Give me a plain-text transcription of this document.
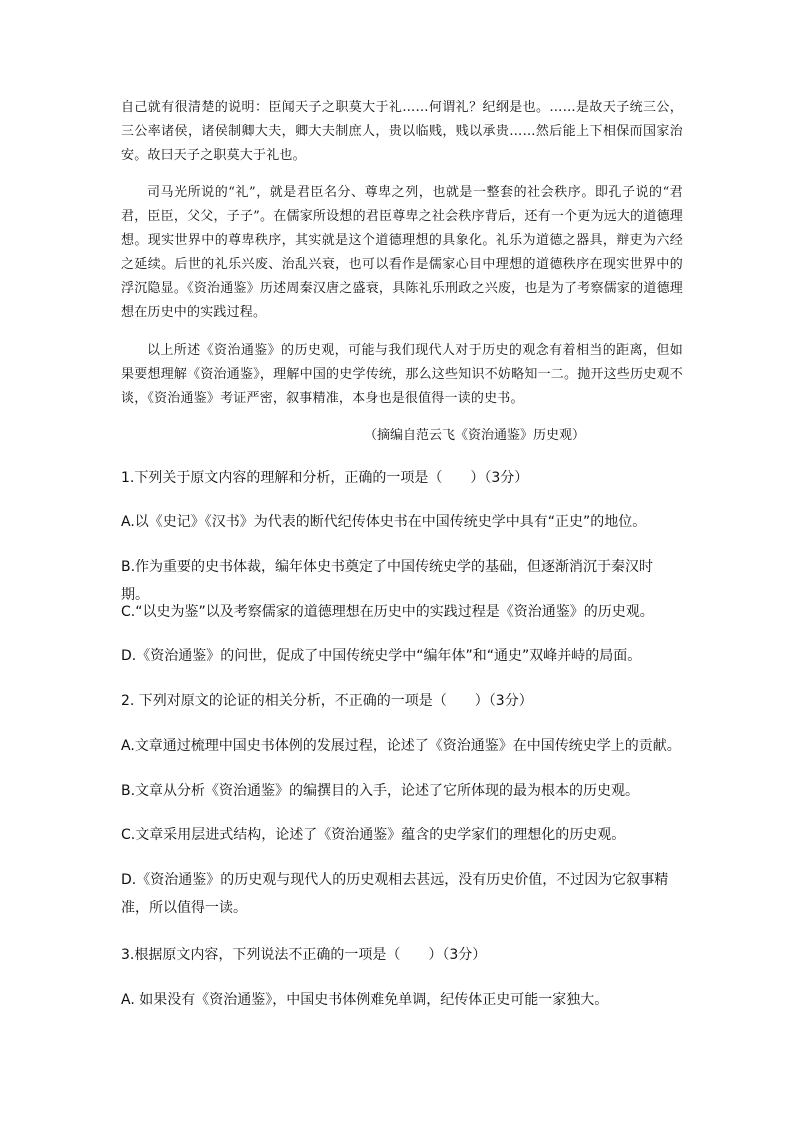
自己就有很清楚的说明：臣闻天子之职莫大于礼……何谓礼？纪纲是也。……是故天子统三公，三公率诸侯，诸侯制卿大夫，卿大夫制庶人，贵以临贱，贱以承贵……然后能上下相保而国家治安。故曰天子之职莫大于礼也。

司马光所说的“礼”，就是君臣名分、尊卑之列，也就是一整套的社会秩序。即孔子说的“君君，臣臣，父父，子子”。在儒家所设想的君臣尊卑之社会秩序背后，还有一个更为远大的道德理想。现实世界中的尊卑秩序，其实就是这个道德理想的具象化。礼乐为道德之器具，辩吏为六经之延续。后世的礼乐兴废、治乱兴衰，也可以看作是儒家心目中理想的道德秩序在现实世界中的浮沉隐显。《资治通鉴》历述周秦汉唐之盛衰，具陈礼乐刑政之兴废，也是为了考察儒家的道德理想在历史中的实践过程。

以上所述《资治通鉴》的历史观，可能与我们现代人对于历史的观念有着相当的距离，但如果要想理解《资治通鉴》，理解中国的史学传统，那么这些知识不妨略知一二。抛开这些历史观不谈，《资治通鉴》考证严密，叙事精准，本身也是很值得一读的史书。

（摘编自范云飞《资治通鉴》历史观）

1.下列关于原文内容的理解和分析，正确的一项是（　　）（3分）

A.以《史记》《汉书》为代表的断代纪传体史书在中国传统史学中具有“正史”的地位。

B.作为重要的史书体裁，编年体史书奠定了中国传统史学的基础，但逐渐消沉于秦汉时期。

C.“以史为鉴”以及考察儒家的道德理想在历史中的实践过程是《资治通鉴》的历史观。

D.《资治通鉴》的问世，促成了中国传统史学中“编年体”和“通史”双峰并峙的局面。

2. 下列对原文的论证的相关分析，不正确的一项是（　　）（3分）

A.文章通过梳理中国史书体例的发展过程，论述了《资治通鉴》在中国传统史学上的贡献。

B.文章从分析《资治通鉴》的编撰目的入手，论述了它所体现的最为根本的历史观。

C.文章采用层进式结构，论述了《资治通鉴》蕴含的史学家们的理想化的历史观。

D.《资治通鉴》的历史观与现代人的历史观相去甚远，没有历史价值，不过因为它叙事精准，所以值得一读。

3.根据原文内容，下列说法不正确的一项是（　　）（3分）

A. 如果没有《资治通鉴》，中国史书体例难免单调，纪传体正史可能一家独大。
